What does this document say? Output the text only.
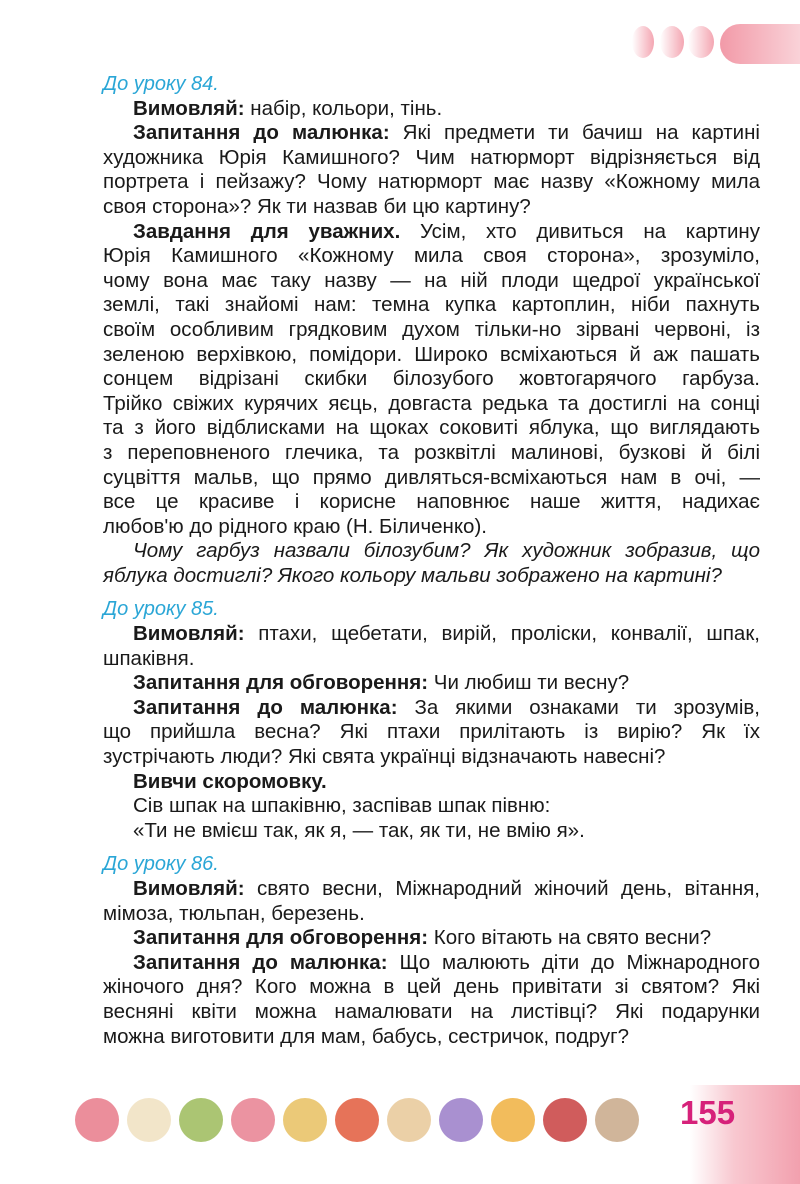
До уроку 84.
Вимовляй: набір, кольори, тінь.
Запитання до малюнка: Які предмети ти бачиш на картині
художника Юрія Камишного? Чим натюрморт відрізняється від
портрета і пейзажу? Чому натюрморт має назву «Кожному мила
своя сторона»? Як ти назвав би цю картину?
Завдання для уважних. Усім, хто дивиться на картину
Юрія Камишного «Кожному мила своя сторона», зрозуміло,
чому вона має таку назву — на ній плоди щедрої української
землі, такі знайомі нам: темна купка картоплин, ніби пахнуть
своїм особливим грядковим духом тільки-но зірвані червоні, із
зеленою верхівкою, помідори. Широко всміхаються й аж пашать
сонцем відрізані скибки білозубого жовтогарячого гарбуза.
Трійко свіжих курячих яєць, довгаста редька та достиглі на сонці
та з його відблисками на щоках соковиті яблука, що виглядають
з переповненого глечика, та розквітлі малинові, бузкові й білі
суцвіття мальв, що прямо дивляться-всміхаються нам в очі, —
все це красиве і корисне наповнює наше життя, надихає
любов'ю до рідного краю (Н. Біличенко).
Чому гарбуз назвали білозубим? Як художник зобразив, що
яблука достиглі? Якого кольору мальви зображено на картині?
До уроку 85.
Вимовляй: птахи, щебетати, вирій, проліски, конвалії, шпак,
шпаківня.
Запитання для обговорення: Чи любиш ти весну?
Запитання до малюнка: За якими ознаками ти зрозумів,
що прийшла весна? Які птахи прилітають із вирію? Як їх
зустрічають люди? Які свята українці відзначають навесні?
Вивчи скоромовку.
Сів шпак на шпаківню, заспівав шпак півню:
«Ти не вмієш так, як я, — так, як ти, не вмію я».
До уроку 86.
Вимовляй: свято весни, Міжнародний жіночий день, вітання,
мімоза, тюльпан, березень.
Запитання для обговорення: Кого вітають на свято весни?
Запитання до малюнка: Що малюють діти до Міжнародного
жіночого дня? Кого можна в цей день привітати зі святом? Які
весняні квіти можна намалювати на листівці? Які подарунки
можна виготовити для мам, бабусь, сестричок, подруг?
155
